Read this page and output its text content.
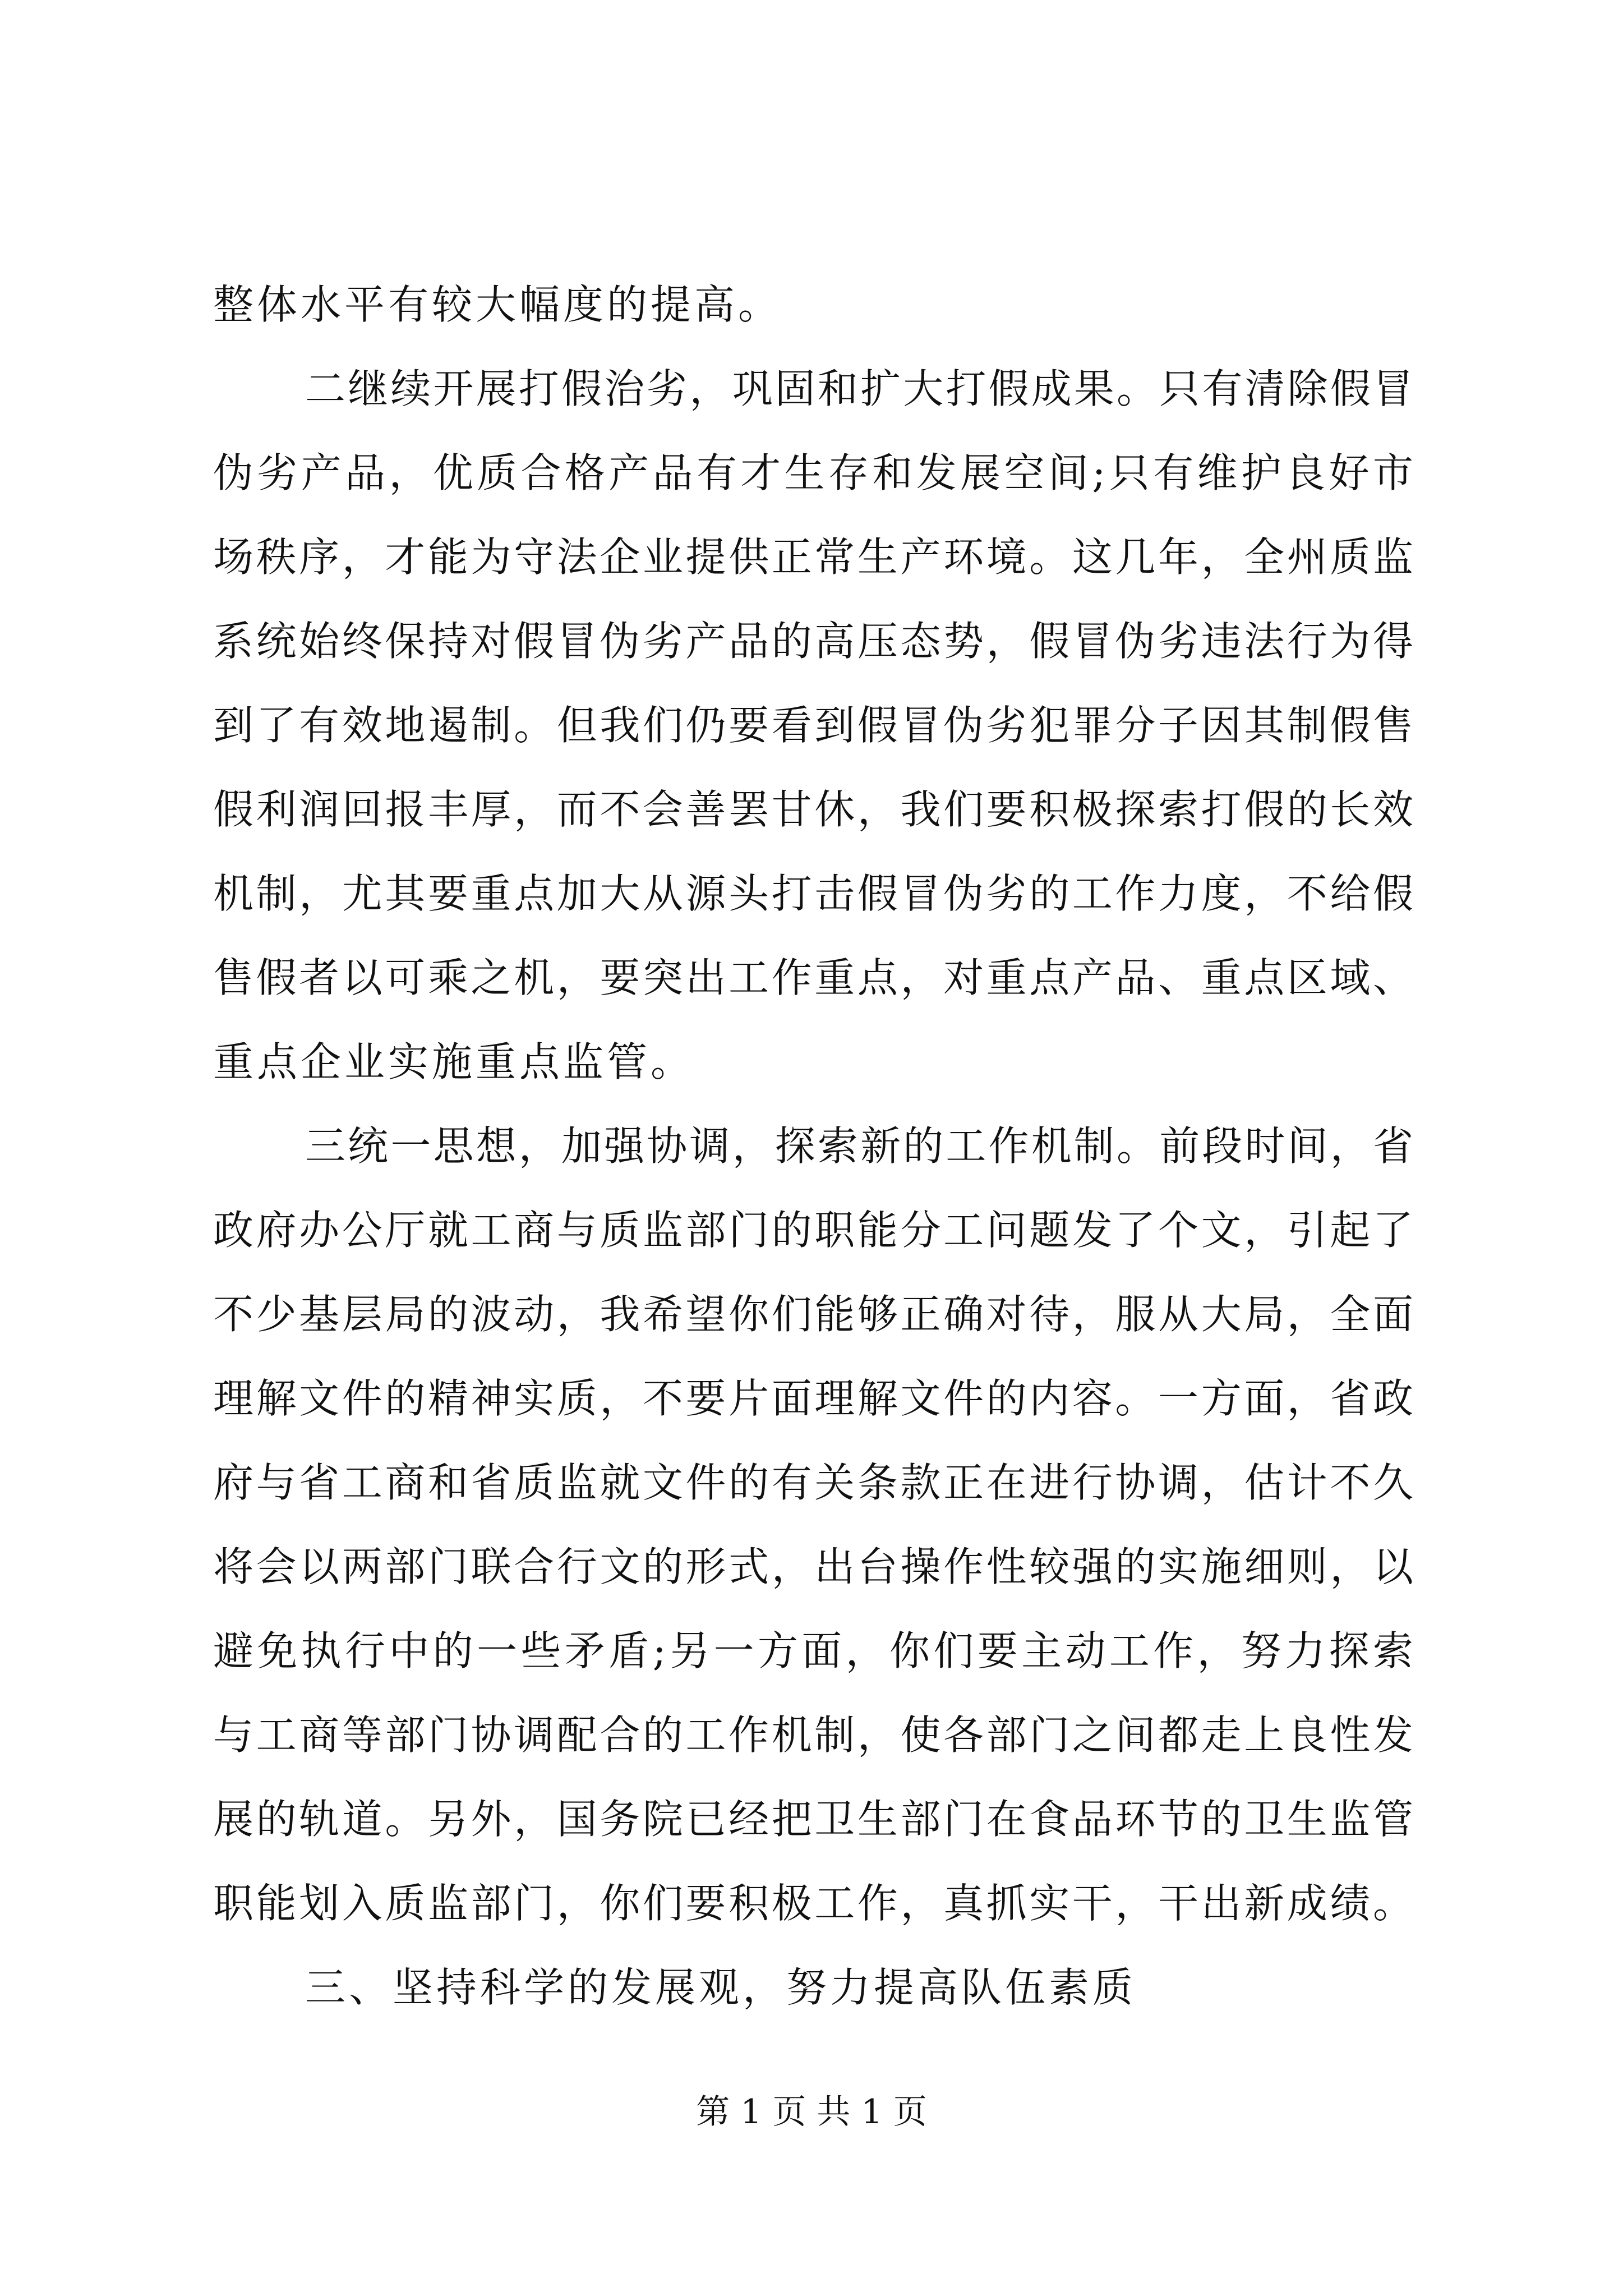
整体水平有较大幅度的提高。
二继续开展打假治劣，巩固和扩大打假成果。只有清除假冒
伪劣产品，优质合格产品有才生存和发展空间;只有维护良好市
场秩序，才能为守法企业提供正常生产环境。这几年，全州质监
系统始终保持对假冒伪劣产品的高压态势，假冒伪劣违法行为得
到了有效地遏制。但我们仍要看到假冒伪劣犯罪分子因其制假售
假利润回报丰厚，而不会善罢甘休，我们要积极探索打假的长效
机制，尤其要重点加大从源头打击假冒伪劣的工作力度，不给假
售假者以可乘之机，要突出工作重点，对重点产品、重点区域、
重点企业实施重点监管。
三统一思想，加强协调，探索新的工作机制。前段时间，省
政府办公厅就工商与质监部门的职能分工问题发了个文，引起了
不少基层局的波动，我希望你们能够正确对待，服从大局，全面
理解文件的精神实质，不要片面理解文件的内容。一方面，省政
府与省工商和省质监就文件的有关条款正在进行协调，估计不久
将会以两部门联合行文的形式，出台操作性较强的实施细则，以
避免执行中的一些矛盾;另一方面，你们要主动工作，努力探索
与工商等部门协调配合的工作机制，使各部门之间都走上良性发
展的轨道。另外，国务院已经把卫生部门在食品环节的卫生监管
职能划入质监部门，你们要积极工作，真抓实干，干出新成绩。
三、坚持科学的发展观，努力提高队伍素质
第 1 页 共 1 页
